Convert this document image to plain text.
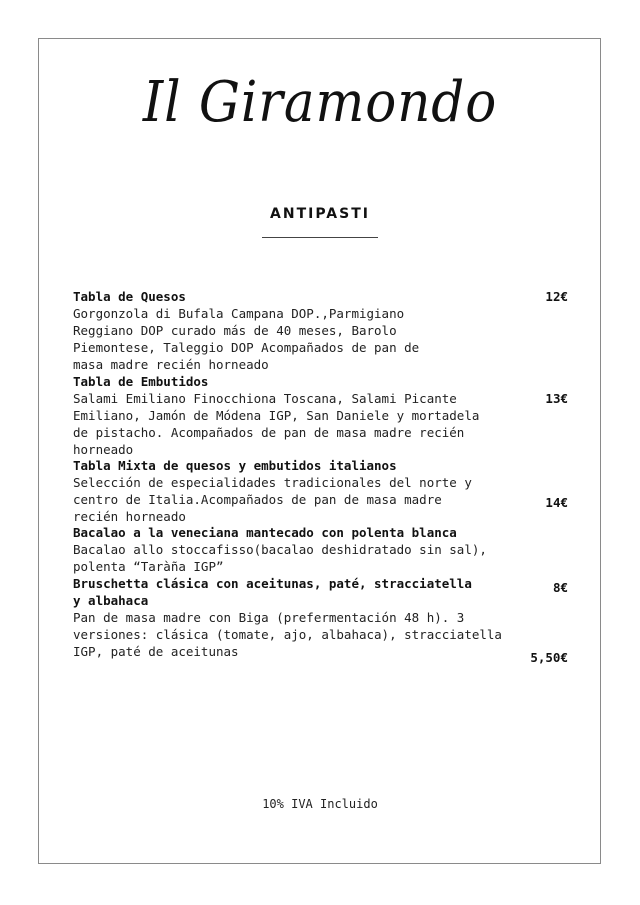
Il Giramondo
ANTIPASTI
Tabla de Quesos
Gorgonzola di Bufala Campana DOP.,Parmigiano
Reggiano DOP curado más de 40 meses, Barolo
Piemontese, Taleggio DOP Acompañados de pan de
masa madre recién horneado
12€
Tabla de Embutidos
Salami Emiliano Finocchiona Toscana, Salami Picante
Emiliano, Jamón de Módena IGP, San Daniele y mortadela
de pistacho. Acompañados de pan de masa madre recién
horneado
13€
Tabla Mixta de quesos y embutidos italianos
Selección de especialidades tradicionales del norte y
centro de Italia.Acompañados de pan de masa madre
recién horneado
14€
Bacalao a la veneciana mantecado con polenta blanca
Bacalao allo stoccafisso(bacalao deshidratado sin sal),
polenta “Taràña IGP”
8€
Bruschetta clásica con aceitunas, paté, stracciatella
y albahaca
Pan de masa madre con Biga (prefermentación 48 h). 3
versiones: clásica (tomate, ajo, albahaca), stracciatella
IGP, paté de aceitunas	5,50€
10% IVA Incluido
